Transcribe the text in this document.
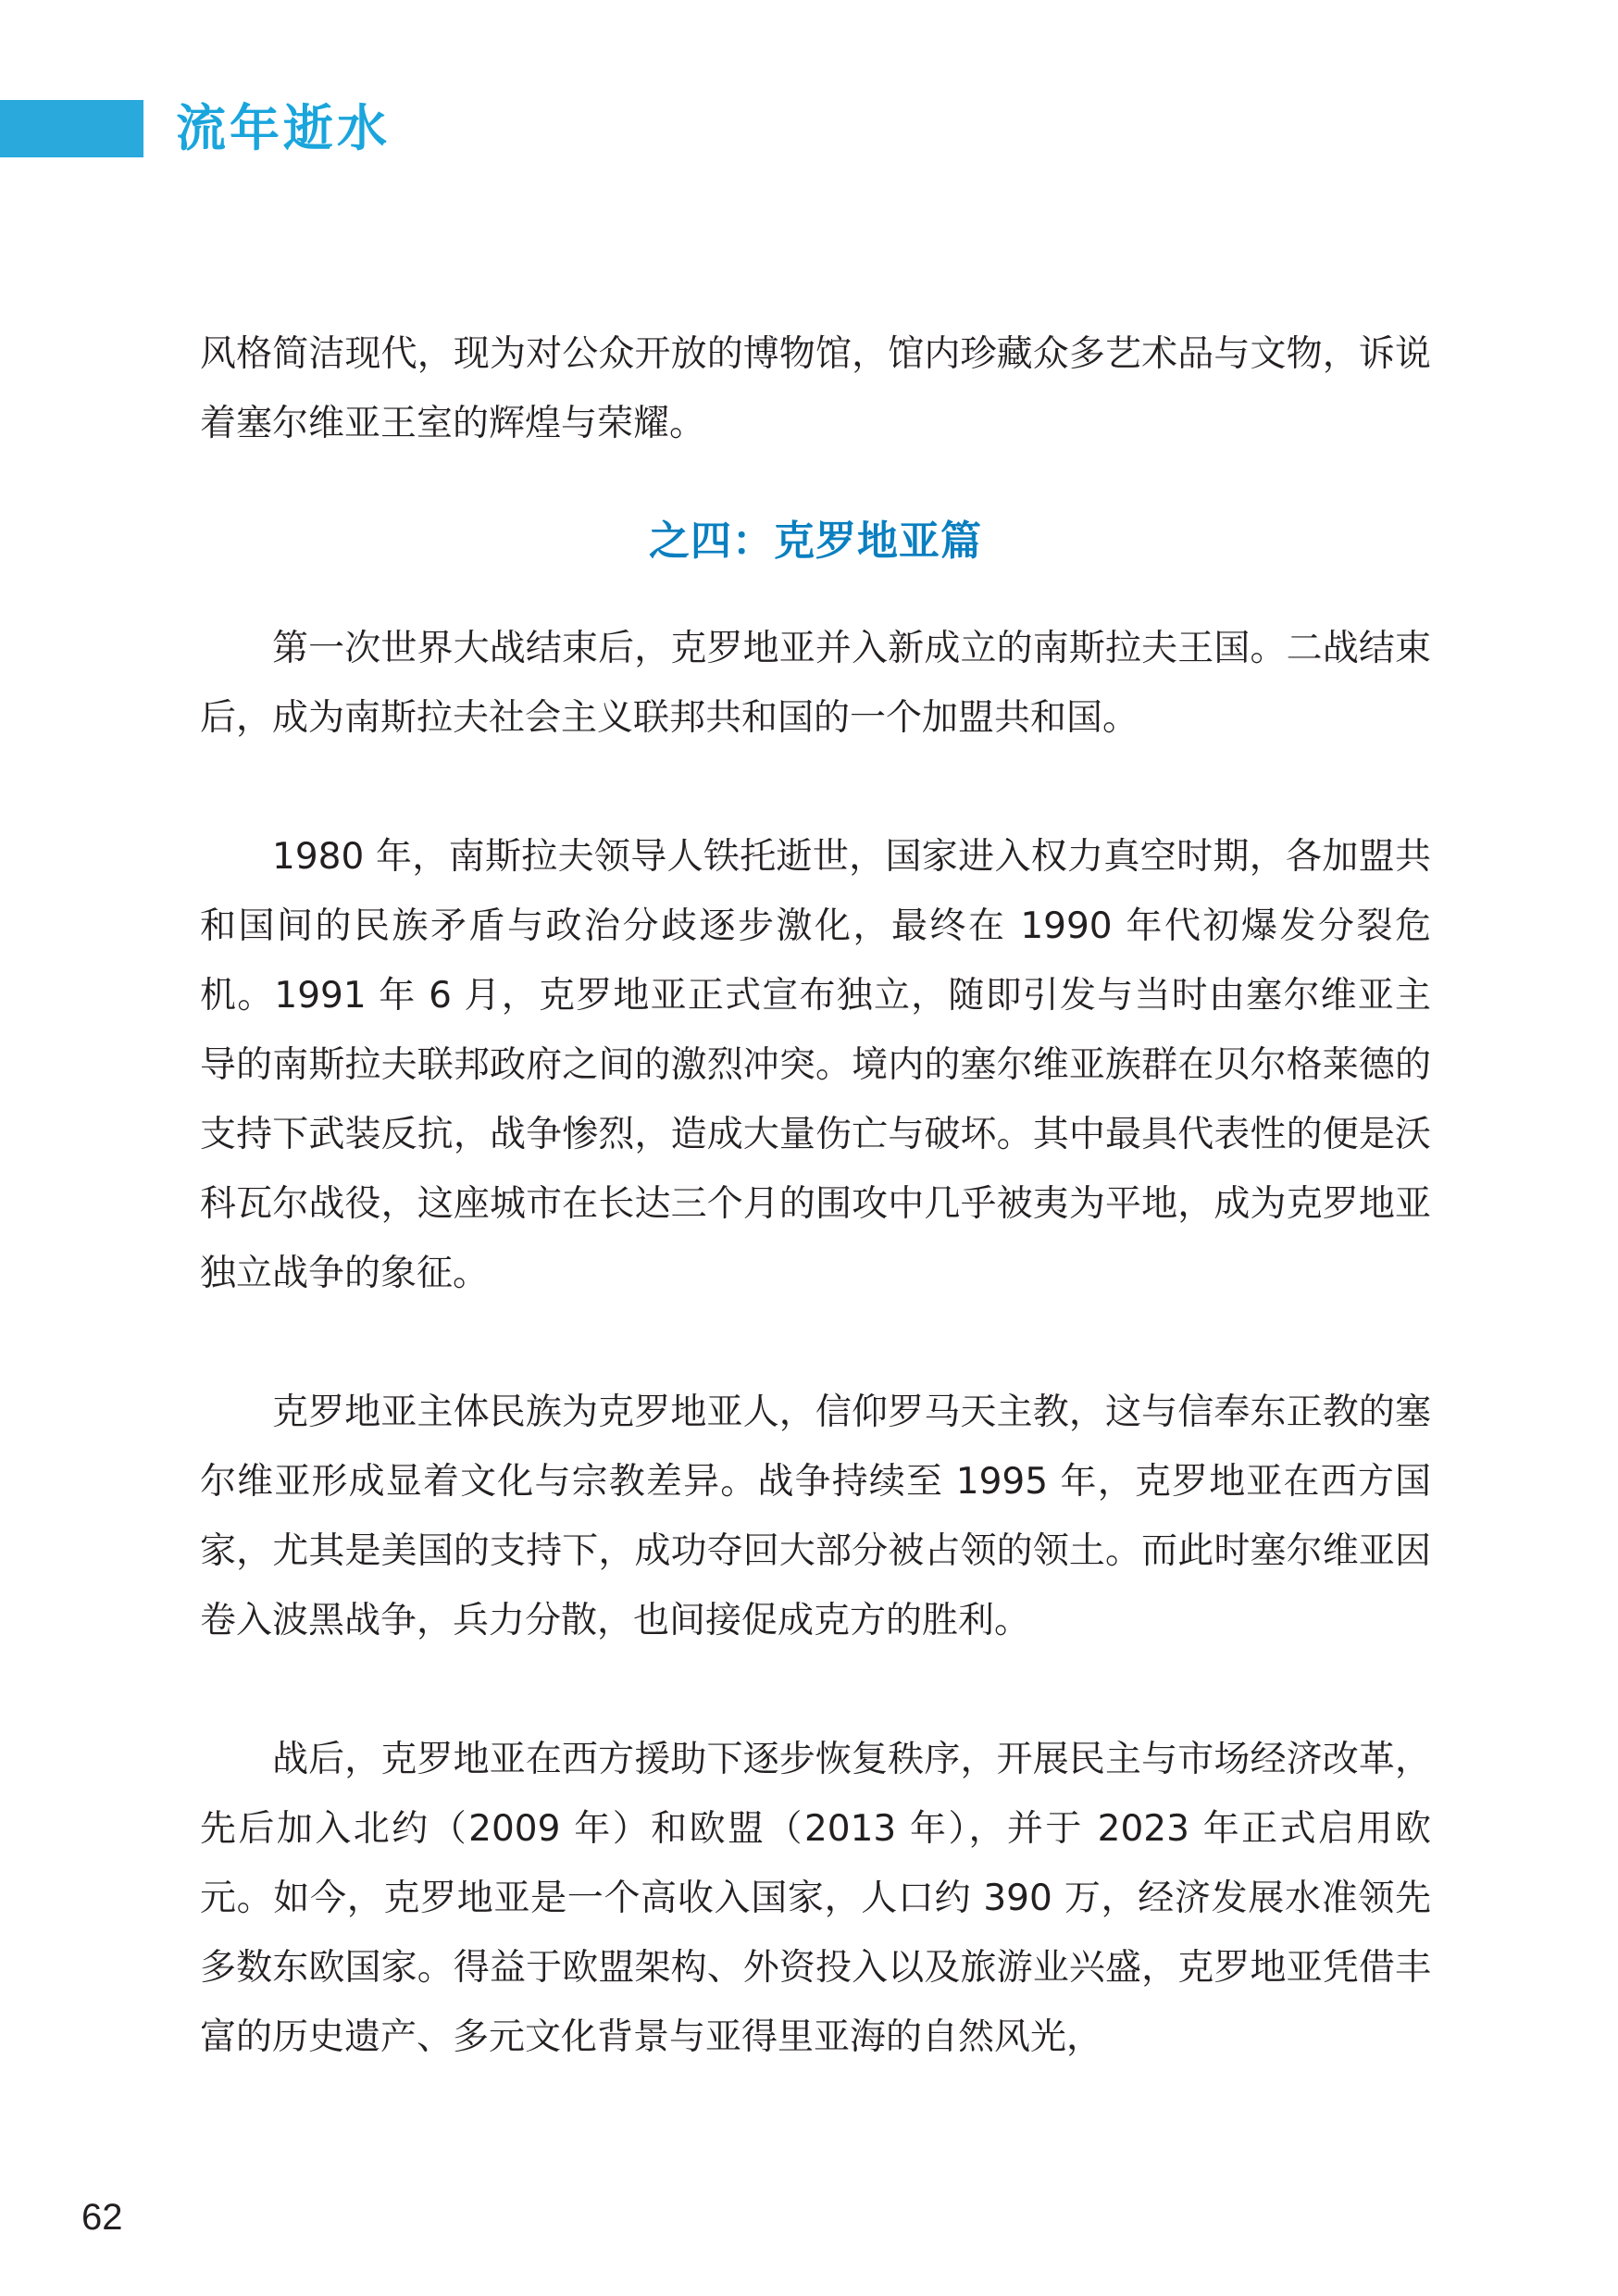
流年逝水

风格简洁现代，现为对公众开放的博物馆，馆内珍藏众多艺术品与文物，诉说着塞尔维亚王室的辉煌与荣耀。

之四：克罗地亚篇

第一次世界大战结束后，克罗地亚并入新成立的南斯拉夫王国。二战结束后，成为南斯拉夫社会主义联邦共和国的一个加盟共和国。

1980 年，南斯拉夫领导人铁托逝世，国家进入权力真空时期，各加盟共和国间的民族矛盾与政治分歧逐步激化，最终在 1990 年代初爆发分裂危机。1991 年 6 月，克罗地亚正式宣布独立，随即引发与当时由塞尔维亚主导的南斯拉夫联邦政府之间的激烈冲突。境内的塞尔维亚族群在贝尔格莱德的支持下武装反抗，战争惨烈，造成大量伤亡与破坏。其中最具代表性的便是沃科瓦尔战役，这座城市在长达三个月的围攻中几乎被夷为平地，成为克罗地亚独立战争的象征。

克罗地亚主体民族为克罗地亚人，信仰罗马天主教，这与信奉东正教的塞尔维亚形成显着文化与宗教差异。战争持续至 1995 年，克罗地亚在西方国家，尤其是美国的支持下，成功夺回大部分被占领的领土。而此时塞尔维亚因卷入波黑战争，兵力分散，也间接促成克方的胜利。

战后，克罗地亚在西方援助下逐步恢复秩序，开展民主与市场经济改革，先后加入北约（2009 年）和欧盟（2013 年），并于 2023 年正式启用欧元。如今，克罗地亚是一个高收入国家，人口约 390 万，经济发展水准领先多数东欧国家。得益于欧盟架构、外资投入以及旅游业兴盛，克罗地亚凭借丰富的历史遗产、多元文化背景与亚得里亚海的自然风光，

62
